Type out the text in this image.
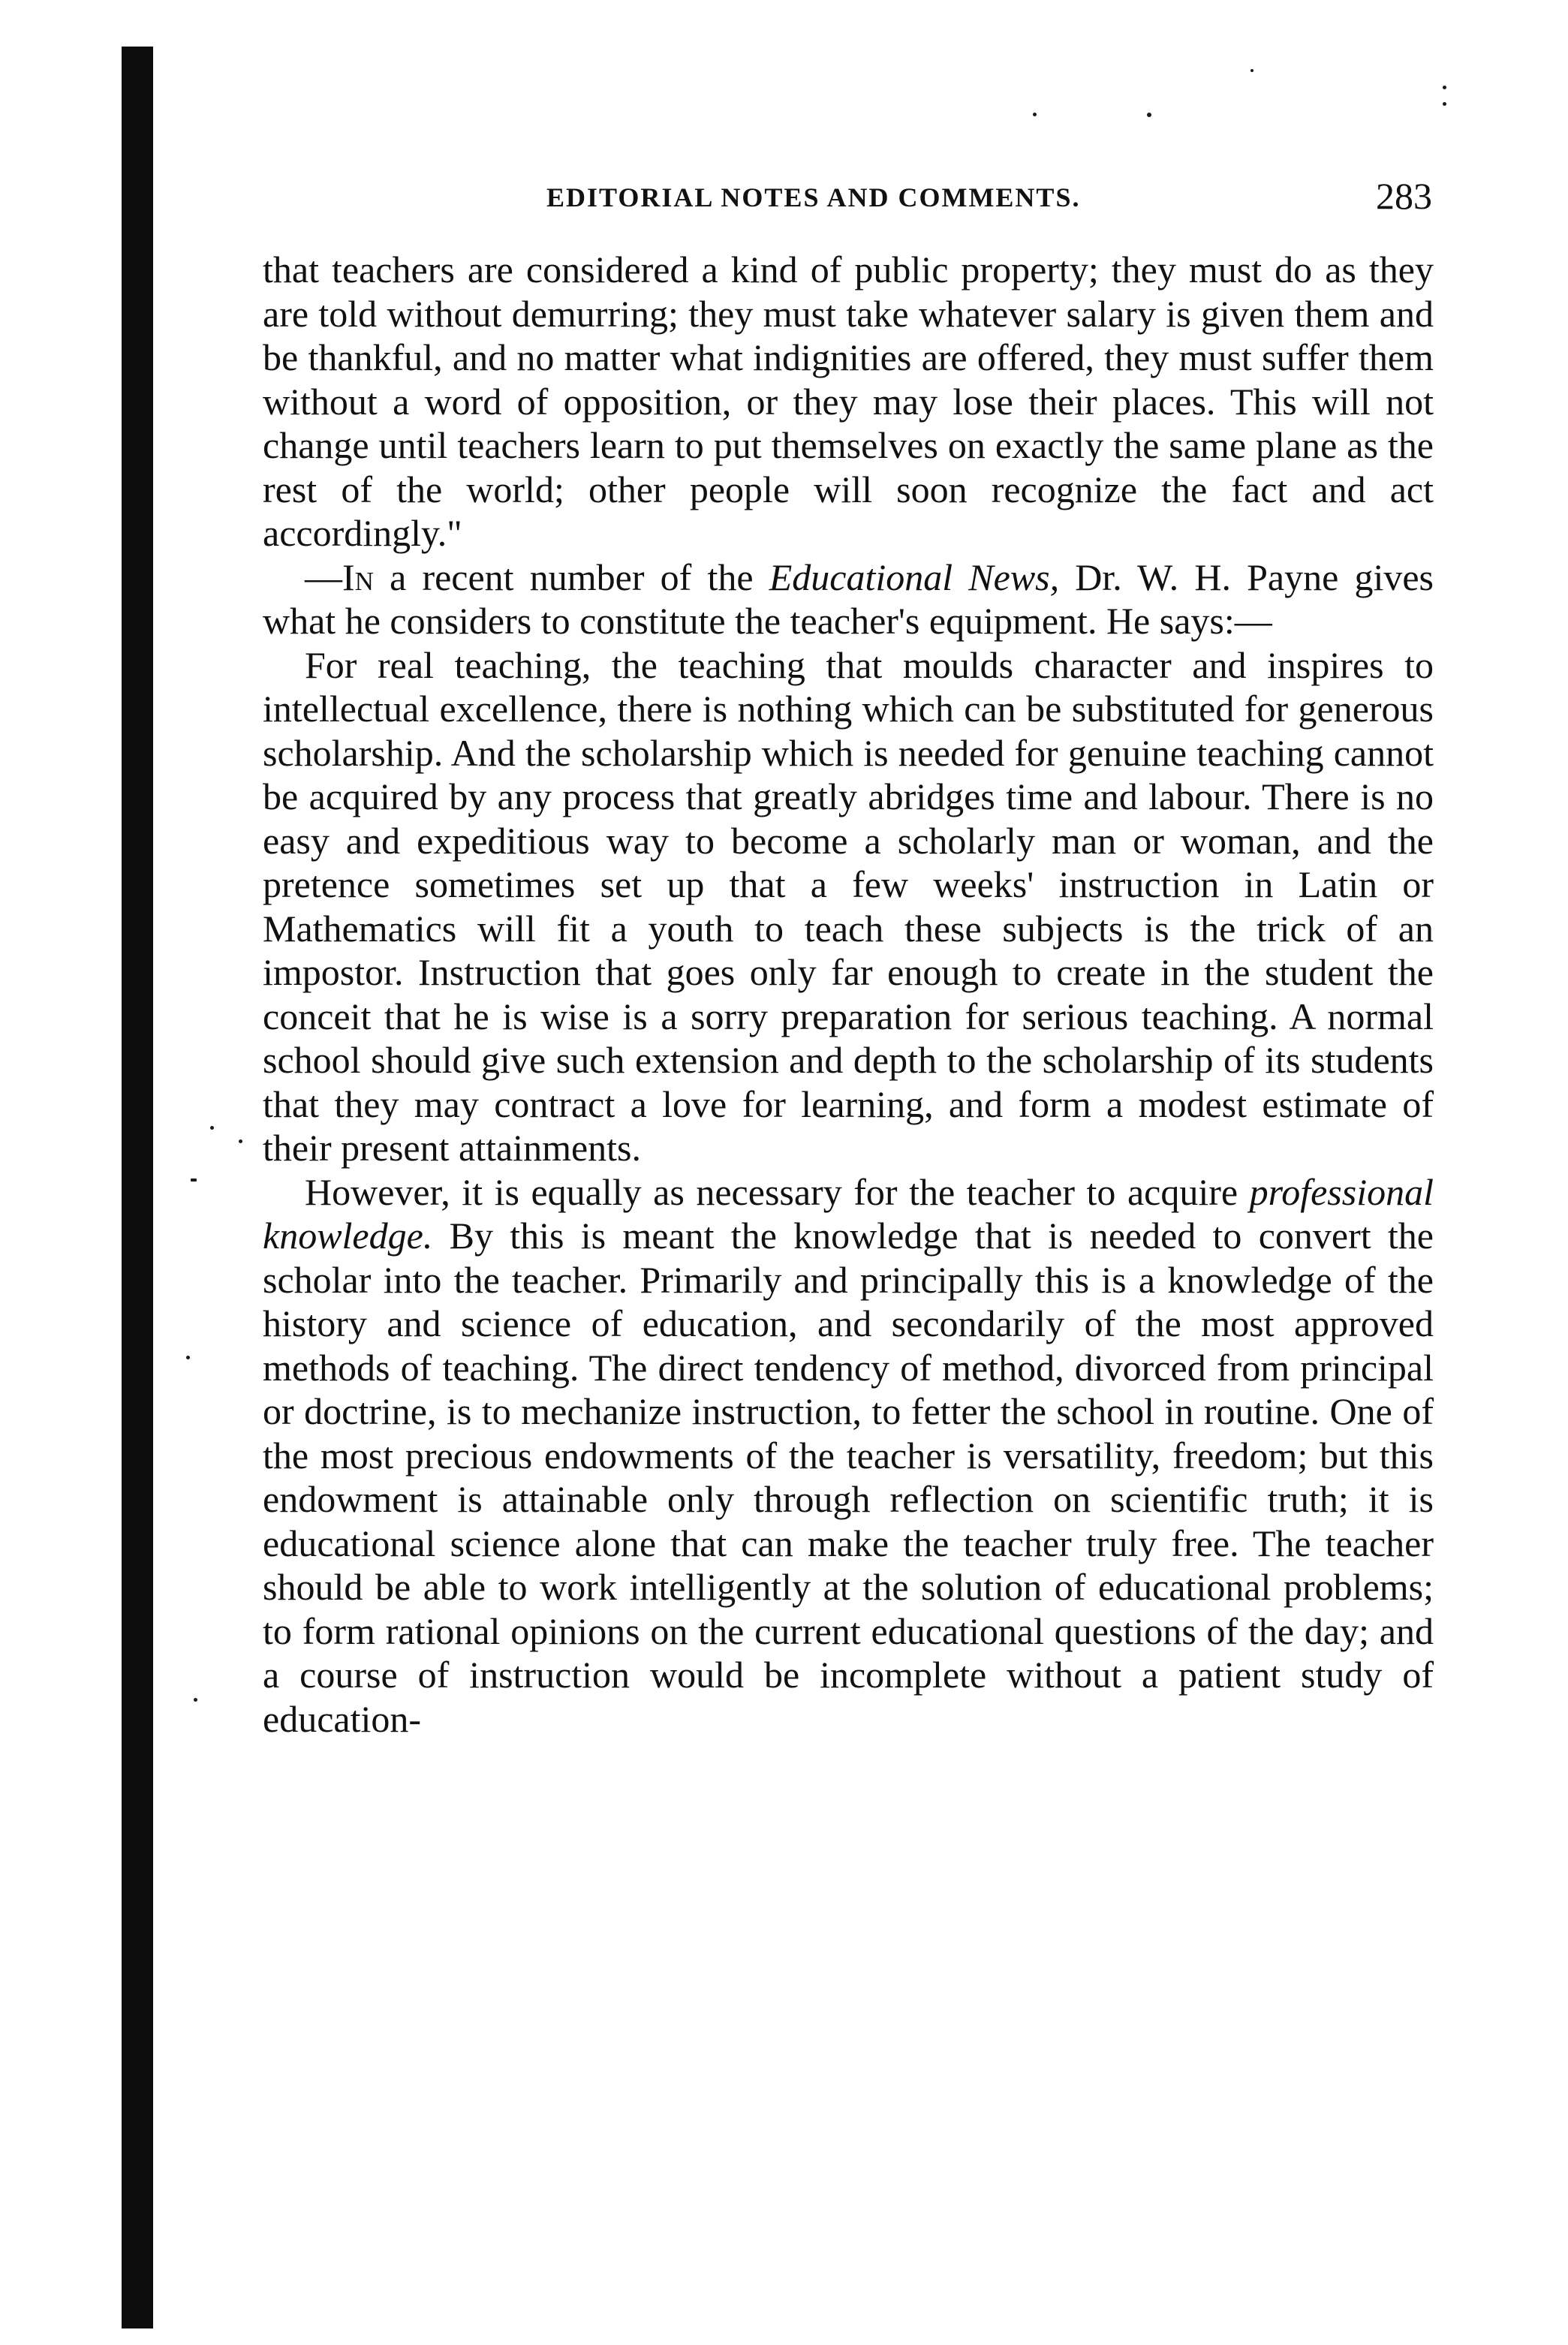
EDITORIAL NOTES AND COMMENTS.	283

that teachers are considered a kind of public property; they must do as they are told without demurring; they must take whatever salary is given them and be thankful, and no matter what indignities are offered, they must suffer them without a word of opposition, or they may lose their places. This will not change until teachers learn to put themselves on exactly the same plane as the rest of the world; other people will soon recognize the fact and act accordingly."

—In a recent number of the Educational News, Dr. W. H. Payne gives what he considers to constitute the teacher's equipment. He says:—

For real teaching, the teaching that moulds character and inspires to intellectual excellence, there is nothing which can be substituted for generous scholarship. And the scholarship which is needed for genuine teaching cannot be acquired by any process that greatly abridges time and labour. There is no easy and expeditious way to become a scholarly man or woman, and the pretence sometimes set up that a few weeks' instruction in Latin or Mathematics will fit a youth to teach these subjects is the trick of an impostor. Instruction that goes only far enough to create in the student the conceit that he is wise is a sorry preparation for serious teaching. A normal school should give such extension and depth to the scholarship of its students that they may contract a love for learning, and form a modest estimate of their present attainments.

However, it is equally as necessary for the teacher to acquire professional knowledge. By this is meant the knowledge that is needed to convert the scholar into the teacher. Primarily and principally this is a knowledge of the history and science of education, and secondarily of the most approved methods of teaching. The direct tendency of method, divorced from principal or doctrine, is to mechanize instruction, to fetter the school in routine. One of the most precious endowments of the teacher is versatility, freedom; but this endowment is attainable only through reflection on scientific truth; it is educational science alone that can make the teacher truly free. The teacher should be able to work intelligently at the solution of educational problems; to form rational opinions on the current educational questions of the day; and a course of instruction would be incomplete without a patient study of education-
